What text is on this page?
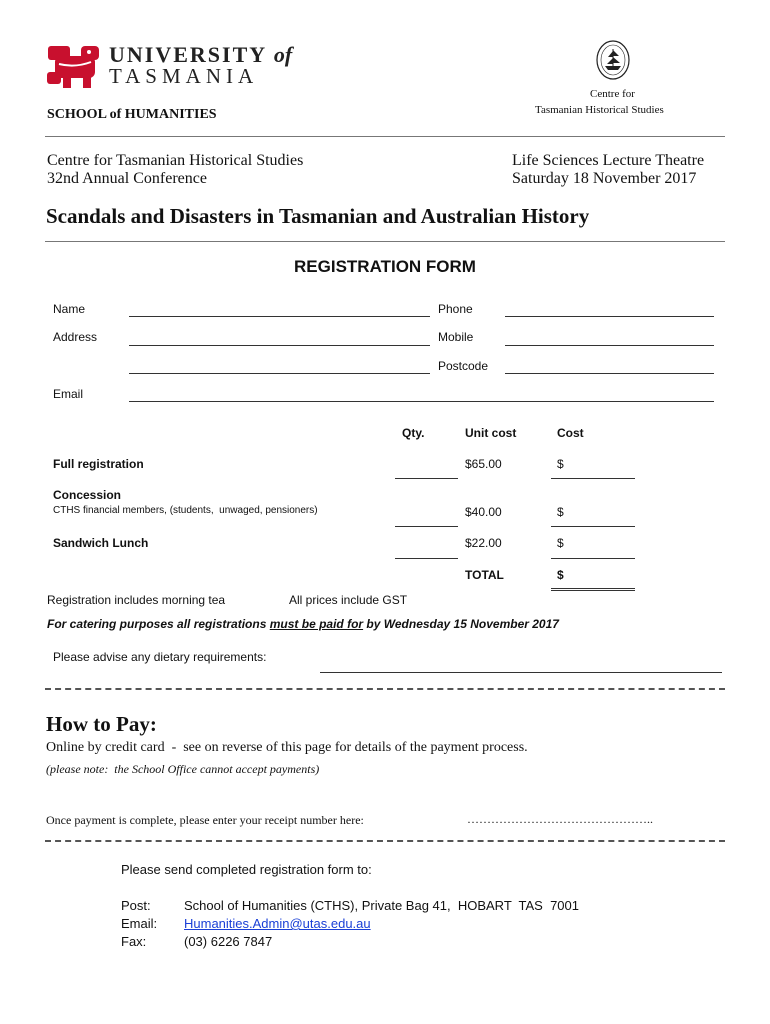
UNIVERSITY of
TASMANIA
SCHOOL of HUMANITIES
Centre for
Tasmanian Historical Studies
Centre for Tasmanian Historical Studies
32nd Annual Conference
Life Sciences Lecture Theatre
Saturday 18 November 2017
Scandals and Disasters in Tasmanian and Australian History
REGISTRATION FORM
Name	Phone
Address	Mobile
Postcode
Email
Qty.	Unit cost	Cost
Full registration	$65.00	$
Concession
CTHS financial members, (students,  unwaged, pensioners)	$40.00	$
Sandwich Lunch	$22.00	$
TOTAL	$
Registration includes morning tea	All prices include GST
For catering purposes all registrations must be paid for by Wednesday 15 November 2017
Please advise any dietary requirements:
How to Pay:
Online by credit card  -  see on reverse of this page for details of the payment process.
(please note:  the School Office cannot accept payments)
Once payment is complete, please enter your receipt number here:	………………………………………..
Please send completed registration form to:
Post:	School of Humanities (CTHS), Private Bag 41,  HOBART  TAS  7001
Email: Humanities.Admin@utas.edu.au
Fax:	(03) 6226 7847
